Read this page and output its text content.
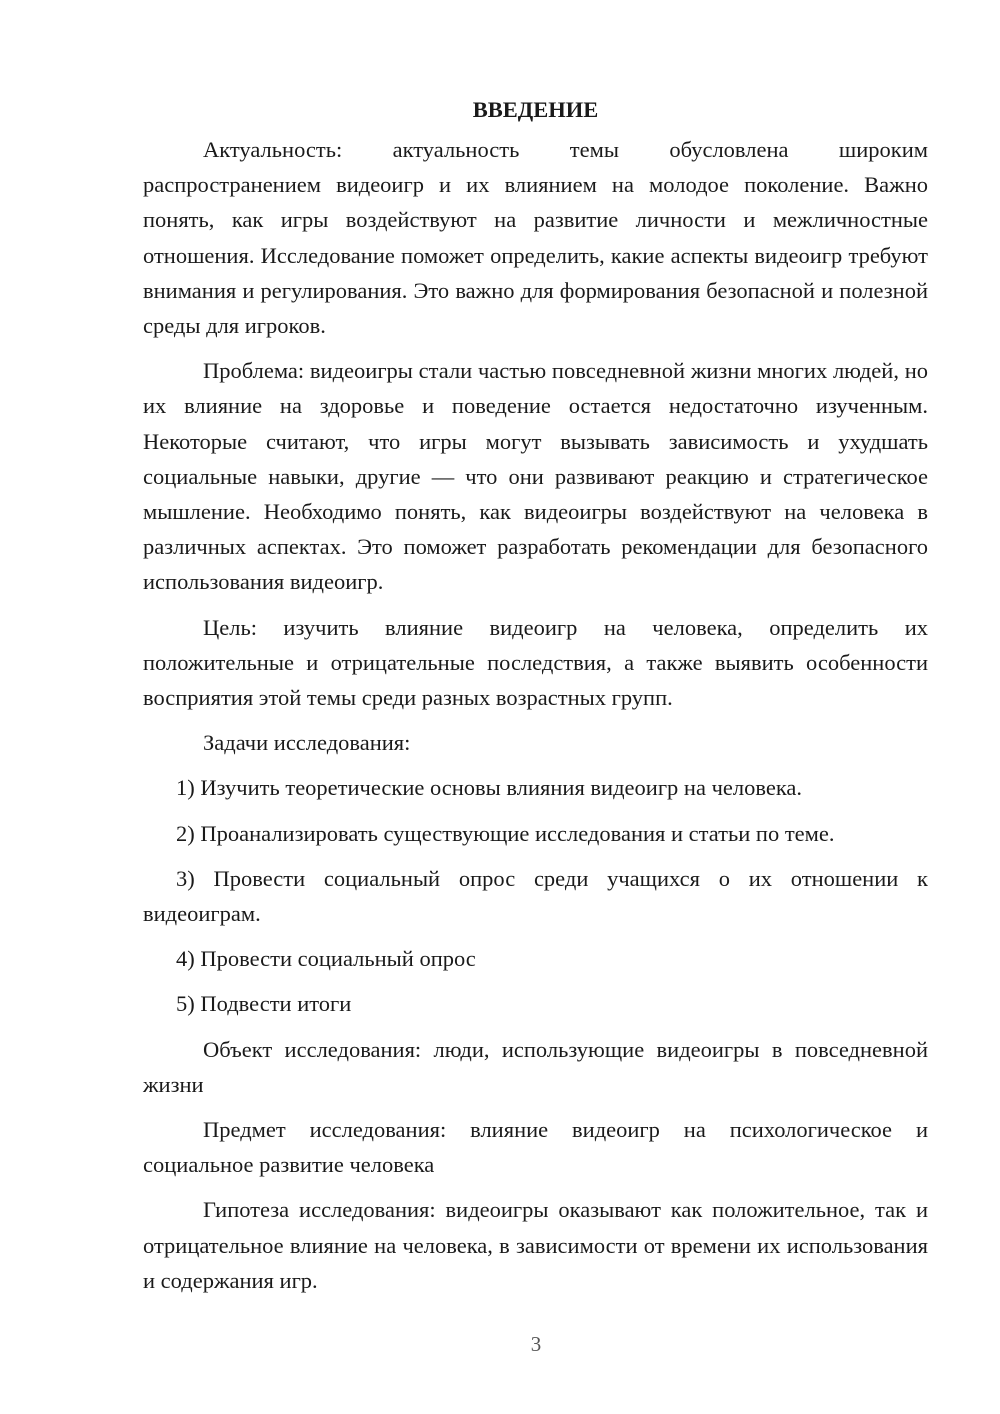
ВВЕДЕНИЕ

Актуальность: актуальность темы обусловлена широким распространением видеоигр и их влиянием на молодое поколение. Важно понять, как игры воздействуют на развитие личности и межличностные отношения. Исследование поможет определить, какие аспекты видеоигр требуют внимания и регулирования. Это важно для формирования безопасной и полезной среды для игроков.

Проблема: видеоигры стали частью повседневной жизни многих людей, но их влияние на здоровье и поведение остается недостаточно изученным. Некоторые считают, что игры могут вызывать зависимость и ухудшать социальные навыки, другие — что они развивают реакцию и стратегическое мышление. Необходимо понять, как видеоигры воздействуют на человека в различных аспектах. Это поможет разработать рекомендации для безопасного использования видеоигр.

Цель: изучить влияние видеоигр на человека, определить их положительные и отрицательные последствия, а также выявить особенности восприятия этой темы среди разных возрастных групп.

Задачи исследования:

1) Изучить теоретические основы влияния видеоигр на человека.

2) Проанализировать существующие исследования и статьи по теме.

3) Провести социальный опрос среди учащихся о их отношении к видеоиграм.

4) Провести социальный опрос

5) Подвести итоги

Объект исследования: люди, использующие видеоигры в повседневной жизни

Предмет исследования: влияние видеоигр на психологическое и социальное развитие человека

Гипотеза исследования: видеоигры оказывают как положительное, так и отрицательное влияние на человека, в зависимости от времени их использования и содержания игр.

3
